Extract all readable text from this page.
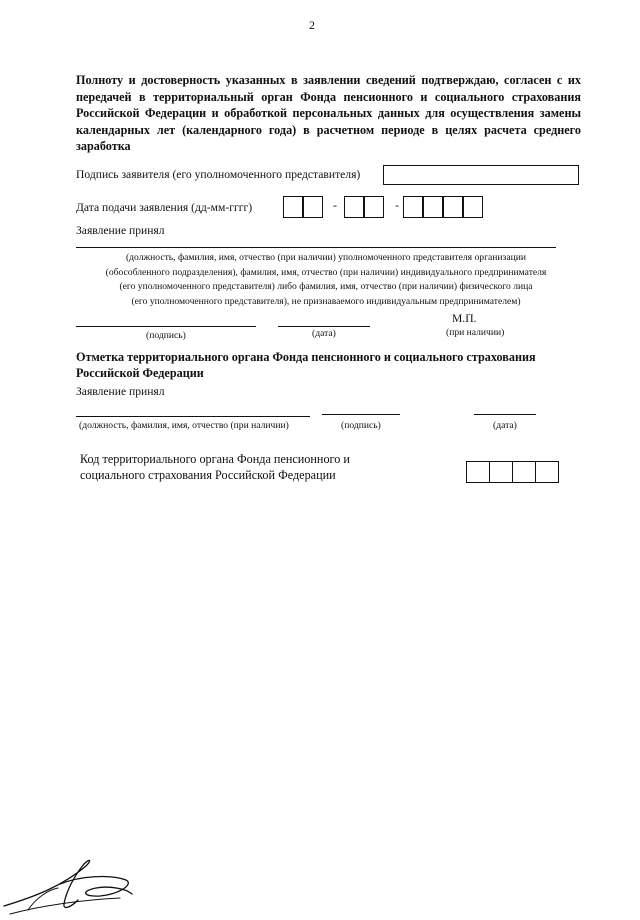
2
Полноту и достоверность указанных в заявлении сведений подтверждаю, согласен с их передачей в территориальный орган Фонда пенсионного и социального страхования Российской Федерации и обработкой персональных данных для осуществления замены календарных лет (календарного года) в расчетном периоде в целях расчета среднего заработка
Подпись заявителя (его уполномоченного представителя)
Дата подачи заявления (дд-мм-гггг)	-	-
Заявление принял
(должность, фамилия, имя, отчество (при наличии) уполномоченного представителя организации
(обособленного подразделения), фамилия, имя, отчество (при наличии) индивидуального предпринимателя
(его уполномоченного представителя) либо фамилия, имя, отчество (при наличии) физического лица
(его уполномоченного представителя), не признаваемого индивидуальным предпринимателем)
М.П.
(подпись)	(дата)	(при наличии)
Отметка территориального органа Фонда пенсионного и социального страхования Российской Федерации
Заявление принял
(должность, фамилия, имя, отчество (при наличии)	(подпись)	(дата)
Код территориального органа Фонда пенсионного и
социального страхования Российской Федерации
